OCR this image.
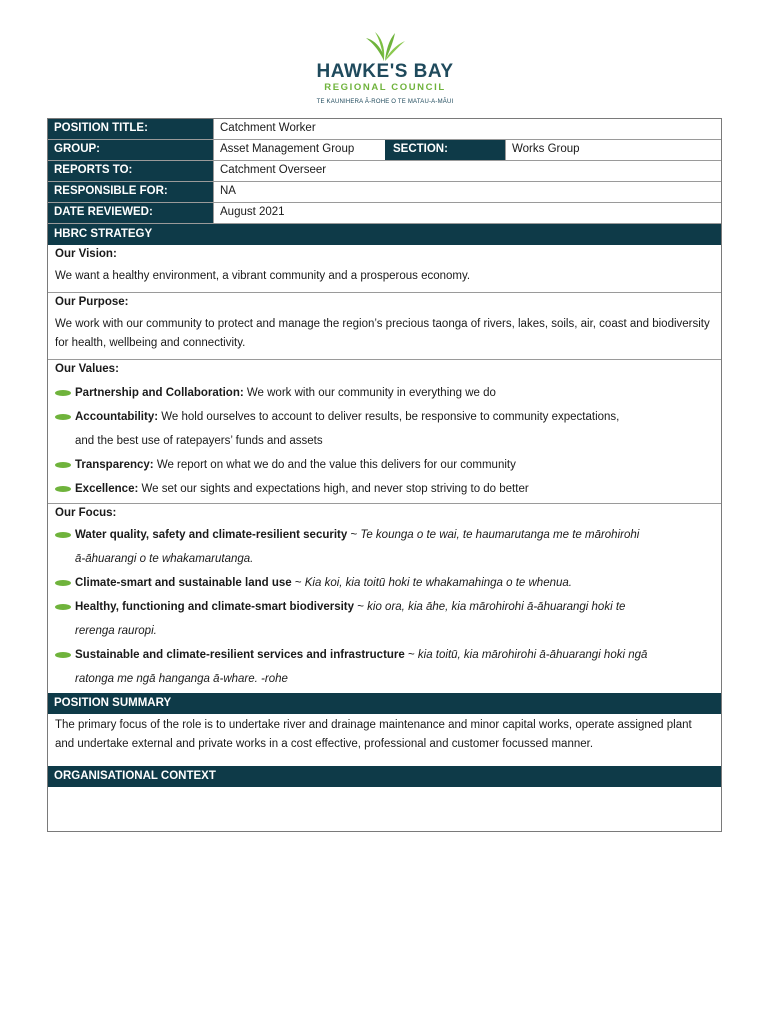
HAWKE'S BAY
REGIONAL COUNCIL
TE KAUNIHERA Ā-ROHE O TE MATAU-A-MĀUI
POSITION TITLE:	Catchment Worker
GROUP:	Asset Management Group	SECTION:	Works Group
REPORTS TO:	Catchment Overseer
RESPONSIBLE FOR:	NA
DATE REVIEWED:	August 2021
HBRC STRATEGY
Our Vision:
We want a healthy environment, a vibrant community and a prosperous economy.
Our Purpose:
We work with our community to protect and manage the region’s precious taonga of rivers, lakes, soils, air, coast and biodiversity for health, wellbeing and connectivity.
Our Values:
Partnership and Collaboration: We work with our community in everything we do
Accountability: We hold ourselves to account to deliver results, be responsive to community expectations,
and the best use of ratepayers’ funds and assets
Transparency: We report on what we do and the value this delivers for our community
Excellence: We set our sights and expectations high, and never stop striving to do better
Our Focus:
Water quality, safety and climate-resilient security ~ Te kounga o te wai, te haumarutanga me te mārohirohi
ā-āhuarangi o te whakamarutanga.
Climate-smart and sustainable land use ~ Kia koi, kia toitū hoki te whakamahinga o te whenua.
Healthy, functioning and climate-smart biodiversity ~ kio ora, kia āhe, kia mārohirohi ā-āhuarangi hoki te
rerenga rauropi.
Sustainable and climate-resilient services and infrastructure ~ kia toitū, kia mārohirohi ā-āhuarangi hoki ngā
ratonga me ngā hanganga ā-whare. -rohe
POSITION SUMMARY
The primary focus of the role is to undertake river and drainage maintenance and minor capital works, operate assigned plant and undertake external and private works in a cost effective, professional and customer focussed manner.
ORGANISATIONAL CONTEXT
